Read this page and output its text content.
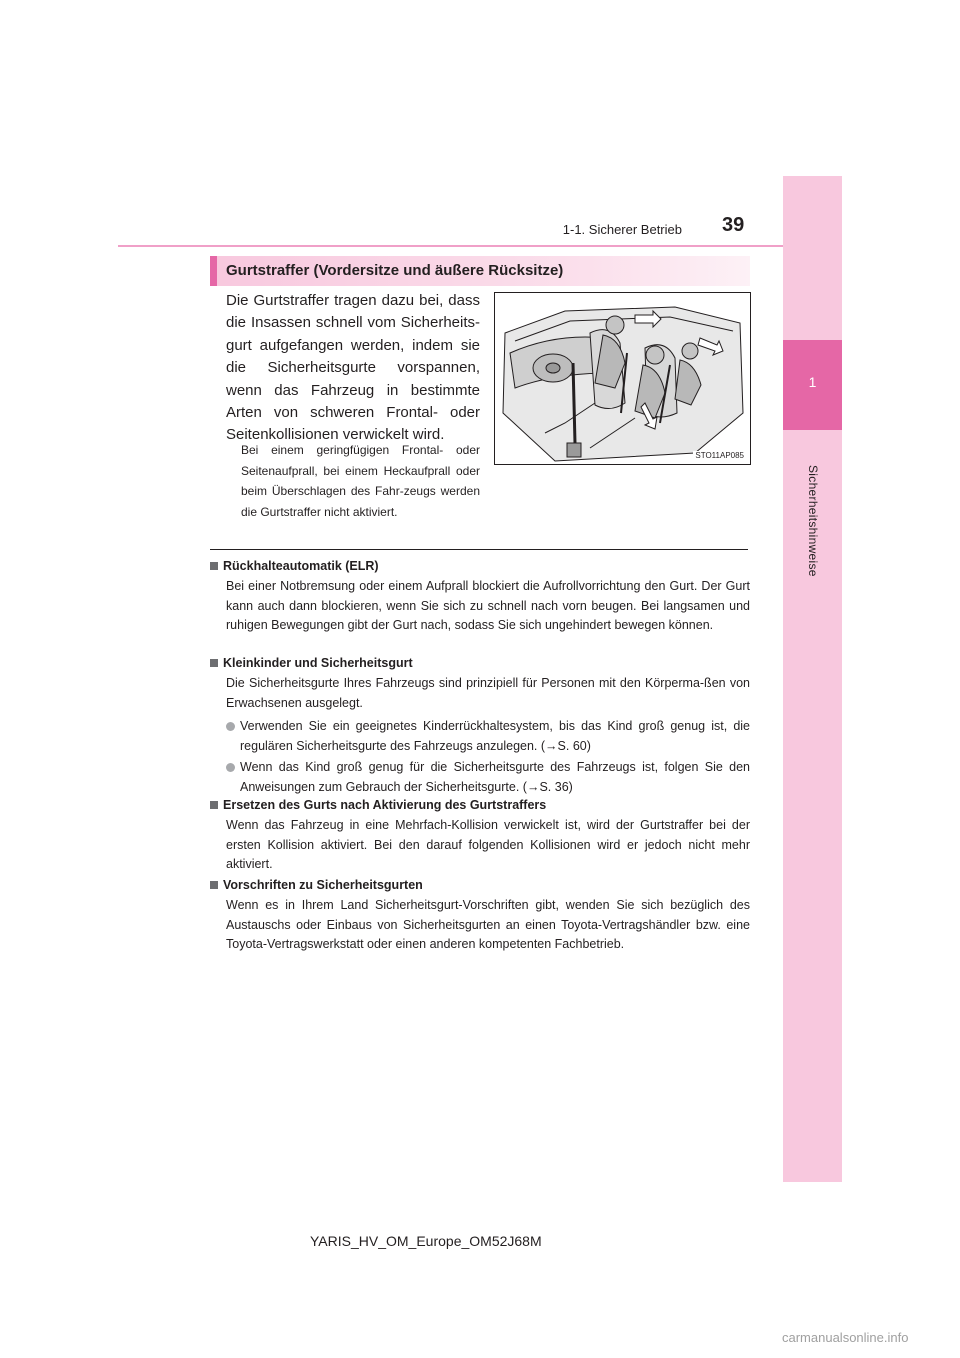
1-1. Sicherer Betrieb 39
1
Sicherheitshinweise
Gurtstraffer (Vordersitze und äußere Rücksitze)
Die Gurtstraffer tragen dazu bei, dass die Insassen schnell vom Sicherheits-gurt aufgefangen werden, indem sie die Sicherheitsgurte vorspannen, wenn das Fahrzeug in bestimmte Arten von schweren Frontal- oder Seitenkollisionen verwickelt wird.
Bei einem geringfügigen Frontal- oder Seitenaufprall, bei einem Heckaufprall oder beim Überschlagen des Fahr-zeugs werden die Gurtstraffer nicht aktiviert.
STO11AP085
Rückhalteautomatik (ELR)
Bei einer Notbremsung oder einem Aufprall blockiert die Aufrollvorrichtung den Gurt. Der Gurt kann auch dann blockieren, wenn Sie sich zu schnell nach vorn beugen. Bei langsamen und ruhigen Bewegungen gibt der Gurt nach, sodass Sie sich ungehindert bewegen können.
Kleinkinder und Sicherheitsgurt
Die Sicherheitsgurte Ihres Fahrzeugs sind prinzipiell für Personen mit den Körperma-ßen von Erwachsenen ausgelegt.
Verwenden Sie ein geeignetes Kinderrückhaltesystem, bis das Kind groß genug ist, die regulären Sicherheitsgurte des Fahrzeugs anzulegen. (→S. 60)
Wenn das Kind groß genug für die Sicherheitsgurte des Fahrzeugs ist, folgen Sie den Anweisungen zum Gebrauch der Sicherheitsgurte. (→S. 36)
Ersetzen des Gurts nach Aktivierung des Gurtstraffers
Wenn das Fahrzeug in eine Mehrfach-Kollision verwickelt ist, wird der Gurtstraffer bei der ersten Kollision aktiviert. Bei den darauf folgenden Kollisionen wird er jedoch nicht mehr aktiviert.
Vorschriften zu Sicherheitsgurten
Wenn es in Ihrem Land Sicherheitsgurt-Vorschriften gibt, wenden Sie sich bezüglich des Austauschs oder Einbaus von Sicherheitsgurten an einen Toyota-Vertragshändler bzw. eine Toyota-Vertragswerkstatt oder einen anderen kompetenten Fachbetrieb.
YARIS_HV_OM_Europe_OM52J68M
carmanualsonline.info
